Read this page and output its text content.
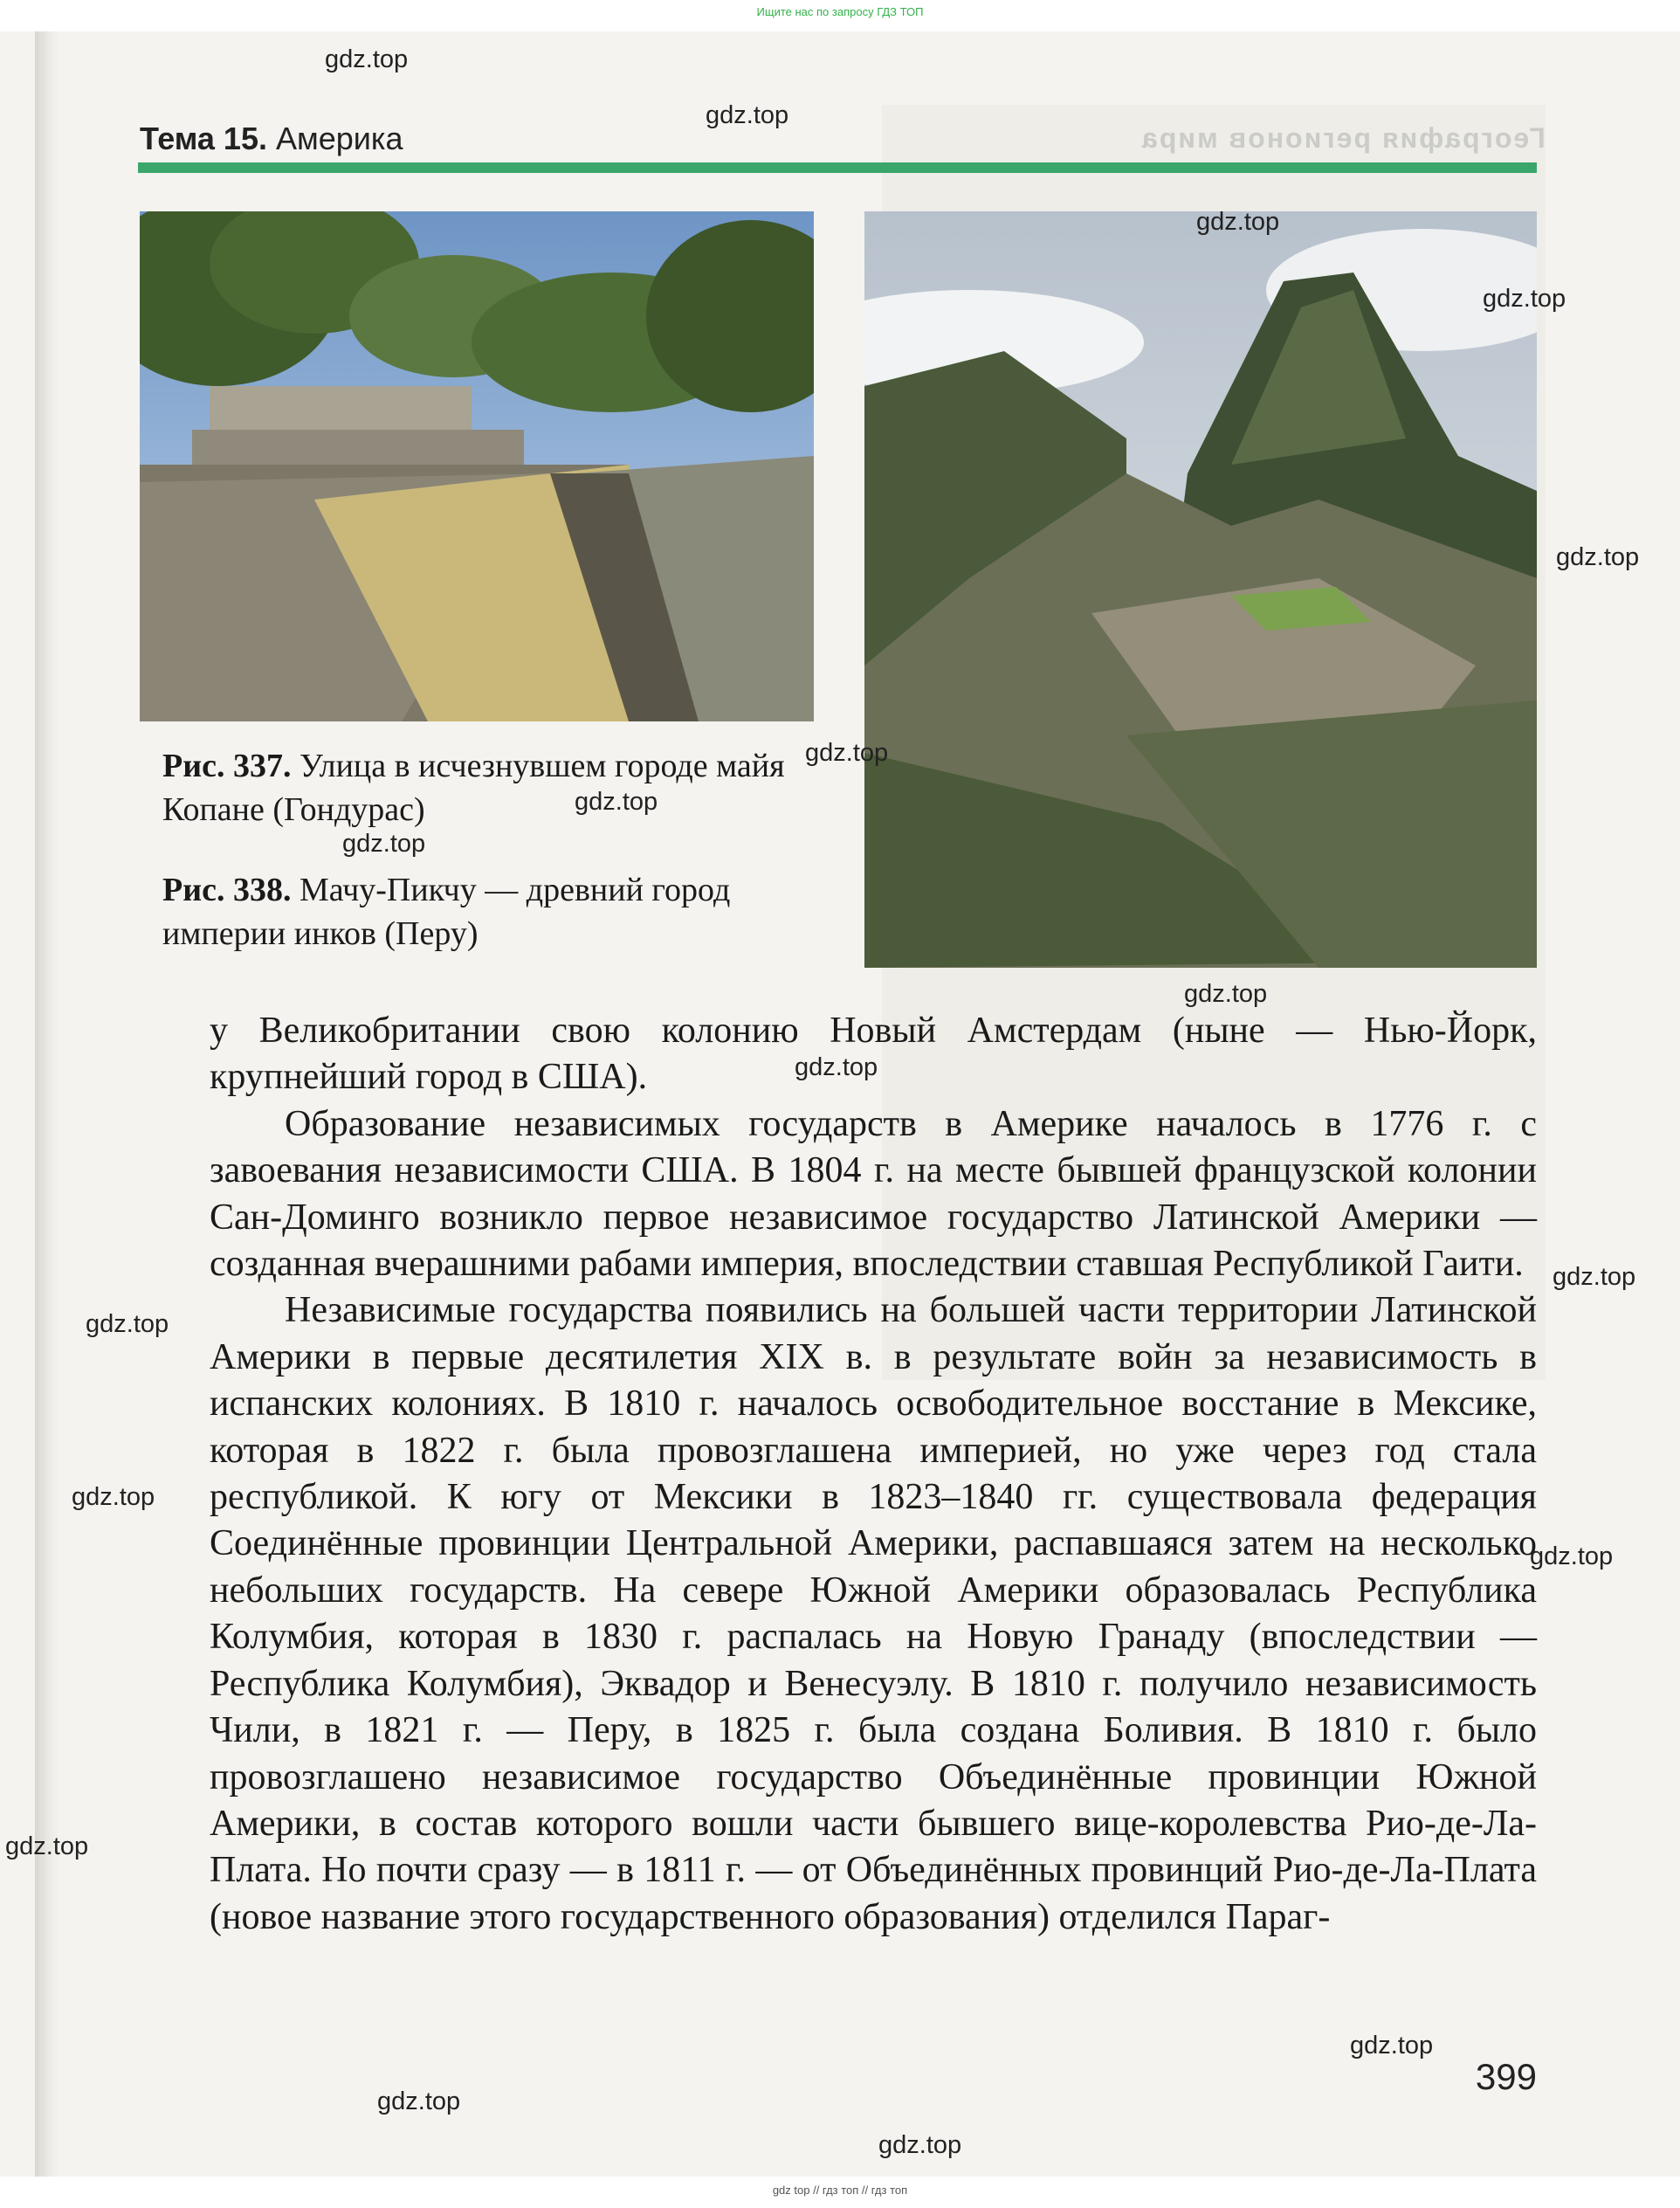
Ищите нас по запросу ГДЗ ТОП
География регионов мира
Тема 15. Америка
Рис. 337. Улица в исчезнувшем городе майя Копане (Гондурас)
Рис. 338. Мачу-Пикчу — древний город империи инков (Перу)

у Великобритании свою колонию Новый Амстердам (ныне — Нью-Йорк, крупнейший город в США).

Образование независимых государств в Америке началось в 1776 г. с завоевания независимости США. В 1804 г. на месте бывшей французской колонии Сан-Доминго возникло первое независимое государство Латинской Америки — созданная вчерашними рабами империя, впоследствии ставшая Республикой Гаити.

Независимые государства появились на большей части территории Латинской Америки в первые десятилетия XIX в. в результате войн за независимость в испанских колониях. В 1810 г. началось освободительное восстание в Мексике, которая в 1822 г. была провозглашена империей, но уже через год стала республикой. К югу от Мексики в 1823–1840 гг. существовала федерация Соединённые провинции Центральной Америки, распавшаяся затем на несколько небольших государств. На севере Южной Америки образовалась Республика Колумбия, которая в 1830 г. распалась на Новую Гранаду (впоследствии — Республика Колумбия), Эквадор и Венесуэлу. В 1810 г. получило независимость Чили, в 1821 г. — Перу, в 1825 г. была создана Боливия. В 1810 г. было провозглашено независимое государство Объединённые провинции Южной Америки, в состав которого вошли части бывшего вице-королевства Рио-де-Ла-Плата. Но почти сразу — в 1811 г. — от Объединённых провинций Рио-де-Ла-Плата (новое название этого государственного образования) отделился Параг-

399
gdz top // гдз топ // гдз топ
gdz.top
gdz.top
gdz.top
gdz.top
gdz.top
gdz.top
gdz.top
gdz.top
gdz.top
gdz.top
gdz.top
gdz.top
gdz.top
gdz.top
gdz.top
gdz.top
gdz.top
gdz.top
